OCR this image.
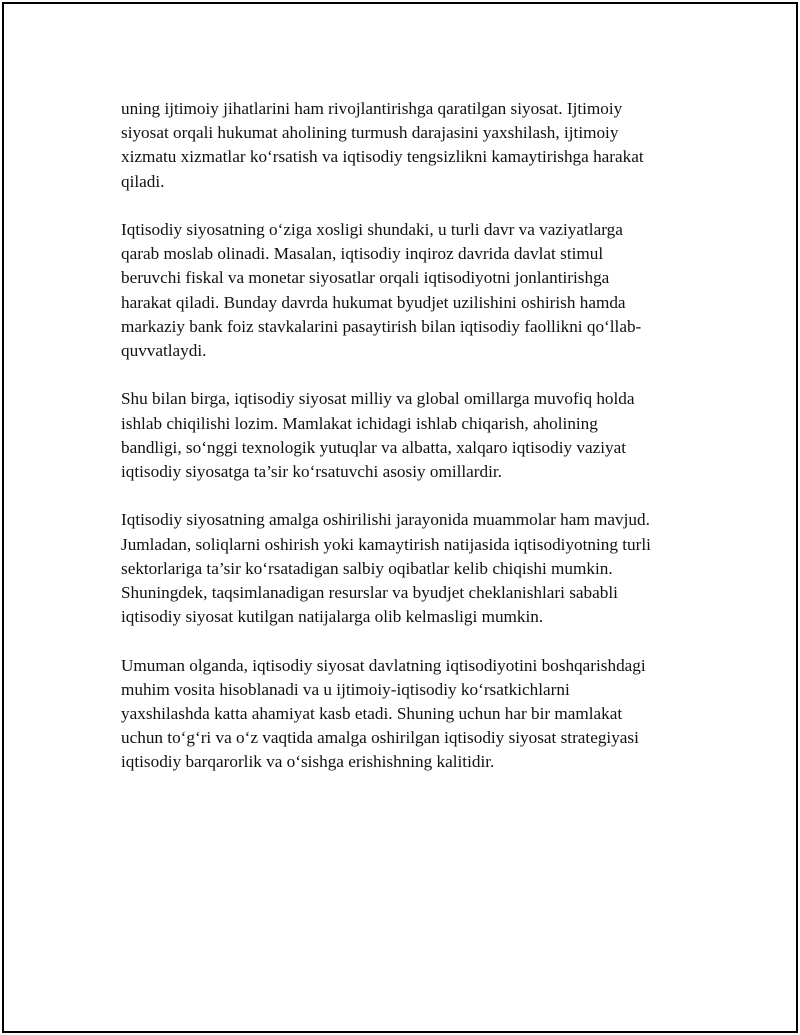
uning ijtimoiy jihatlarini ham rivojlantirishga qaratilgan siyosat. Ijtimoiy
siyosat orqali hukumat aholining turmush darajasini yaxshilash, ijtimoiy
xizmatu xizmatlar koʻrsatish va iqtisodiy tengsizlikni kamaytirishga harakat
qiladi.

Iqtisodiy siyosatning oʻziga xosligi shundaki, u turli davr va vaziyatlarga
qarab moslab olinadi. Masalan, iqtisodiy inqiroz davrida davlat stimul
beruvchi fiskal va monetar siyosatlar orqali iqtisodiyotni jonlantirishga
harakat qiladi. Bunday davrda hukumat byudjet uzilishini oshirish hamda
markaziy bank foiz stavkalarini pasaytirish bilan iqtisodiy faollikni qoʻllab-
quvvatlaydi.

Shu bilan birga, iqtisodiy siyosat milliy va global omillarga muvofiq holda
ishlab chiqilishi lozim. Mamlakat ichidagi ishlab chiqarish, aholining
bandligi, soʻnggi texnologik yutuqlar va albatta, xalqaro iqtisodiy vaziyat
iqtisodiy siyosatga ta’sir koʻrsatuvchi asosiy omillardir.

Iqtisodiy siyosatning amalga oshirilishi jarayonida muammolar ham mavjud.
Jumladan, soliqlarni oshirish yoki kamaytirish natijasida iqtisodiyotning turli
sektorlariga ta’sir koʻrsatadigan salbiy oqibatlar kelib chiqishi mumkin.
Shuningdek, taqsimlanadigan resurslar va byudjet cheklanishlari sababli
iqtisodiy siyosat kutilgan natijalarga olib kelmasligi mumkin.

Umuman olganda, iqtisodiy siyosat davlatning iqtisodiyotini boshqarishdagi
muhim vosita hisoblanadi va u ijtimoiy-iqtisodiy koʻrsatkichlarni
yaxshilashda katta ahamiyat kasb etadi. Shuning uchun har bir mamlakat
uchun toʻgʻri va oʻz vaqtida amalga oshirilgan iqtisodiy siyosat strategiyasi
iqtisodiy barqarorlik va oʻsishga erishishning kalitidir.
